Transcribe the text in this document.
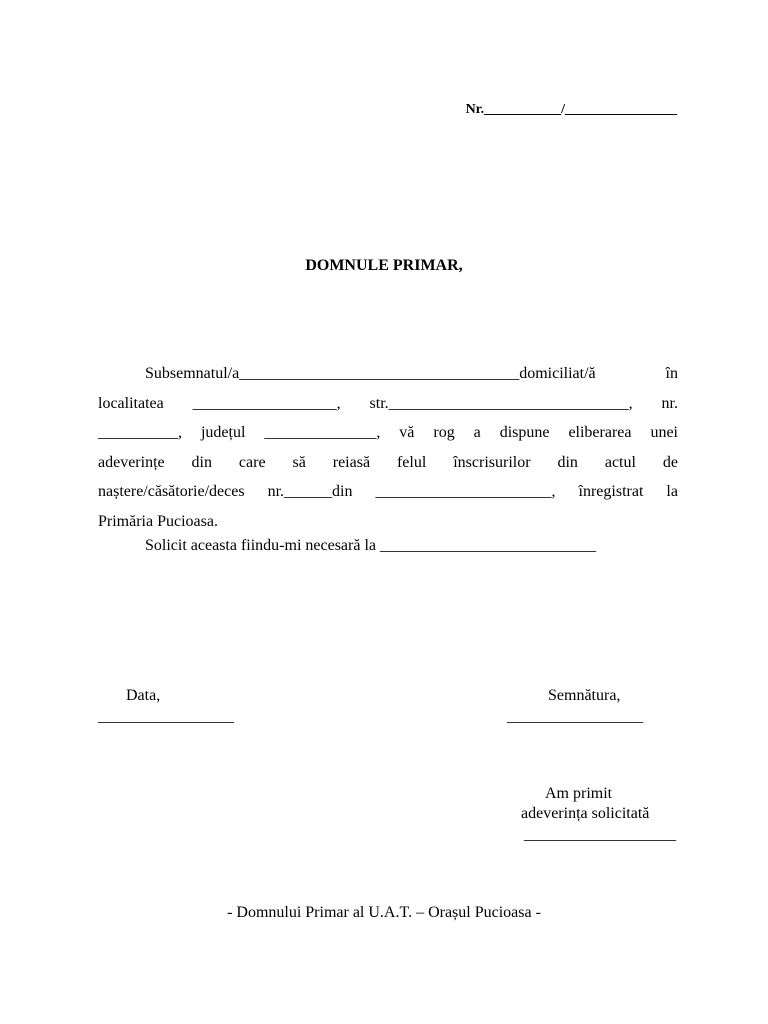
Nr.___________/________________
DOMNULE PRIMAR,
Subsemnatul/a___________________________________domiciliat/ă	în
localitatea __________________, str.______________________________, nr.
__________, județul ______________, vă rog a dispune eliberarea unei
adeverințe din care să reiasă felul înscrisurilor din actul de
naștere/căsătorie/deces nr.______din ______________________, înregistrat la
Primăria Pucioasa.
Solicit aceasta fiindu-mi necesară la ___________________________
Data,
_________________
Semnătura,
_________________
Am primit
adeverința solicitată
___________________
- Domnului Primar al U.A.T. – Orașul Pucioasa -
